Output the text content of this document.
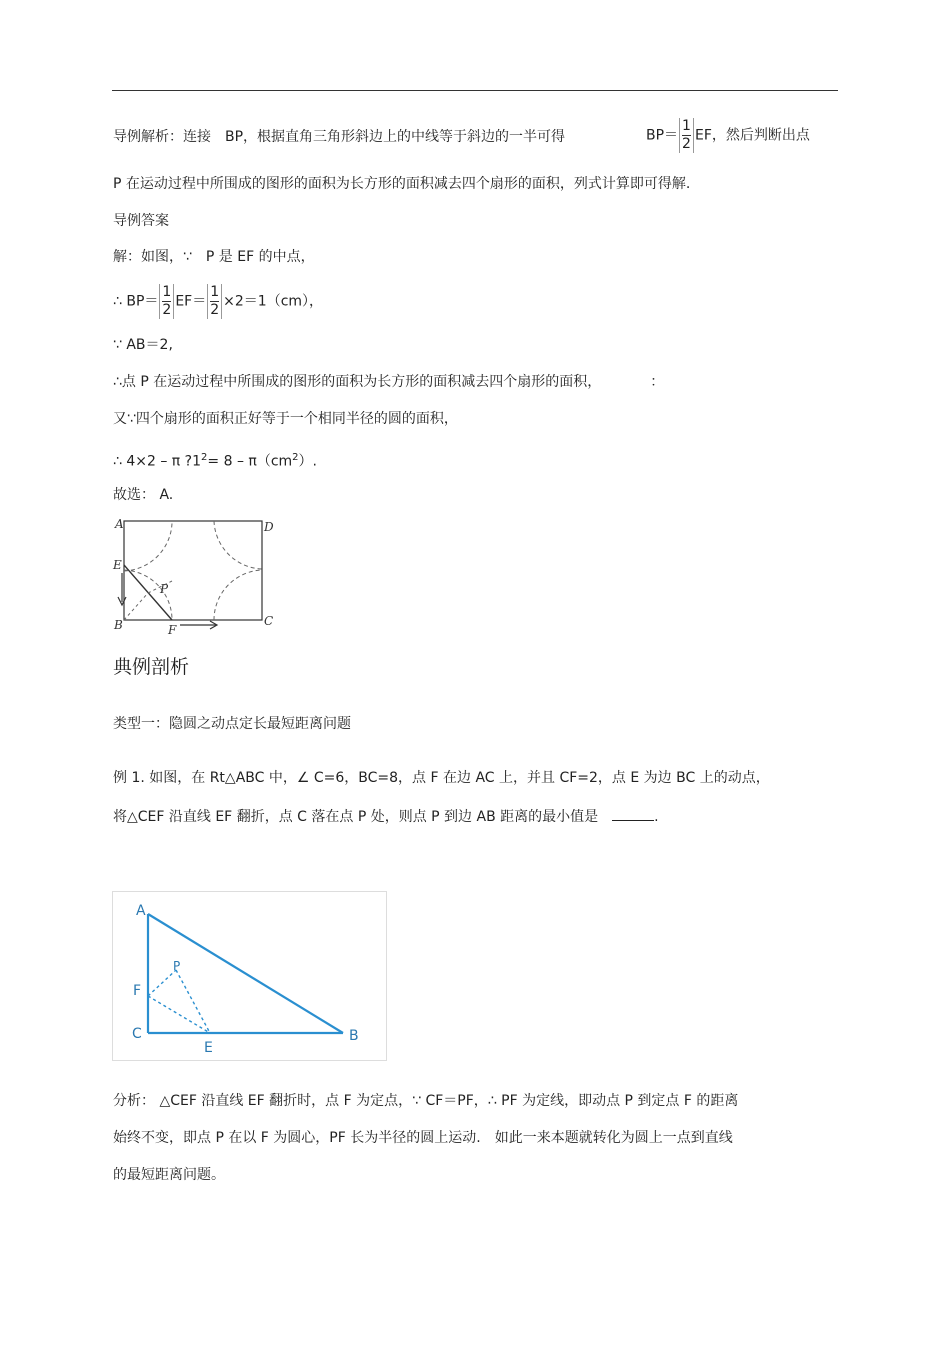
导例解析：连接　BP，根据直角三角形斜边上的中线等于斜边的一半可得	$BP= \frac{1}{2}$ EF，然后判断出点
P 在运动过程中所围成的图形的面积为长方形的面积减去四个扇形的面积，列式计算即可得解.
导例答案
解：如图，∵　P 是 EF 的中点，
∴ $BP= \frac{1}{2} EF= \frac{1}{2} \times 2=1(cm)$，
∵ AB＝2,
∴点 P 在运动过程中所围成的图形的面积为长方形的面积减去四个扇形的面积，　　　　：
又∵四个扇形的面积正好等于一个相同半径的圆的面积，
∴ 4×2 – π $?1^2= 8 - \pi(cm^2)$.
故选： A.
A	D
E
P
B	F
C
典例剖析
类型一：隐圆之动点定长最短距离问题
例 1. 如图，在 Rt△ABC 中，∠ C=6，BC=8，点 F 在边 AC 上，并且 CF=2，点 E 为边 BC 上的动点，
将△CEF 沿直线 EF 翻折，点 C 落在点 P 处，则点 P 到边 AB 距离的最小值是　	.
A
P
F
C
E
B
分析： △CEF 沿直线 EF 翻折时，点 F 为定点，∵ CF＝PF，∴ PF 为定线，即动点 P 到定点 F 的距离
始终不变，即点 P 在以 F 为圆心，PF 长为半径的圆上运动.　如此一来本题就转化为圆上一点到直线
的最短距离问题。
